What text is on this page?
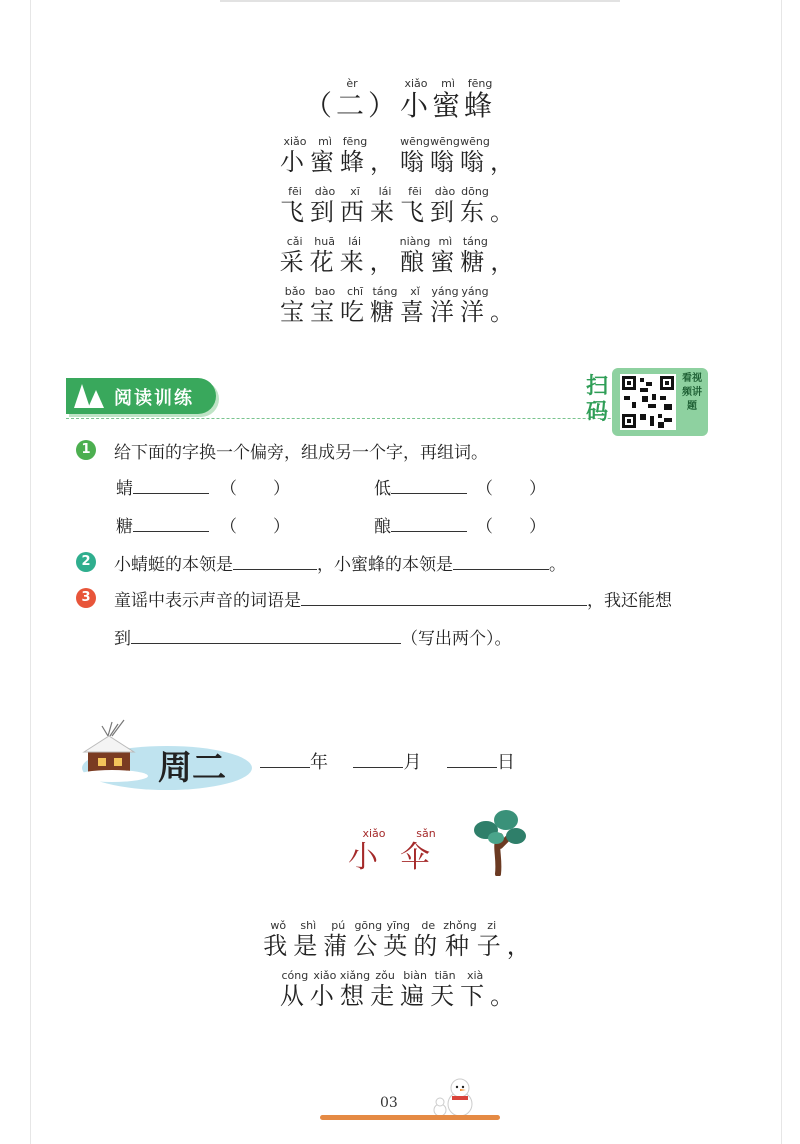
（ 二èr） 小xiǎo蜜mì蜂fēng
小xiǎo蜜mì蜂fēng， 嗡wēng嗡wēng嗡wēng，
飞fēi到dào西xī来lái飞fēi到dào东dōng。
采cǎi花huā来lái， 酿niàng蜜mì糖táng，
宝bǎo宝bao吃chī糖táng喜xǐ洋yáng洋yáng。
阅读训练	扫码
看视频讲题
1	给下面的字换一个偏旁，组成另一个字，再组词。
蜻	（ ）	低	（ ）
糖	（ ）	酿	（ ）
2	小蜻蜓的本领是	，小蜜蜂的本领是	。
3	童谣中表示声音的词语是	，我还能想
到	（写出两个）。
周二	年	月	日
小xiǎo伞sǎn
我wǒ是shì蒲pú公gōng英yīng的de种zhǒng子zi，
从cóng小xiǎo想xiǎng走zǒu遍biàn天tiān下xià。
03
